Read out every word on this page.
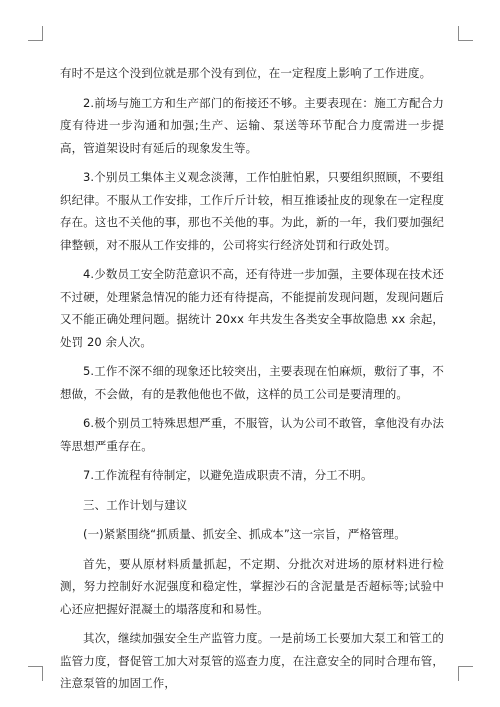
有时不是这个没到位就是那个没有到位，在一定程度上影响了工作进度。

2.前场与施工方和生产部门的衔接还不够。主要表现在：施工方配合力度有待进一步沟通和加强;生产、运输、泵送等环节配合力度需进一步提高，管道架设时有延后的现象发生等。

3.个别员工集体主义观念淡薄，工作怕脏怕累，只要组织照顾，不要组织纪律。不服从工作安排，工作斤斤计较，相互推诿扯皮的现象在一定程度存在。这也不关他的事，那也不关他的事。为此，新的一年，我们要加强纪律整顿，对不服从工作安排的，公司将实行经济处罚和行政处罚。

4.少数员工安全防范意识不高，还有待进一步加强，主要体现在技术还不过硬，处理紧急情况的能力还有待提高，不能提前发现问题，发现问题后又不能正确处理问题。据统计 20xx 年共发生各类安全事故隐患 xx 余起，处罚 20 余人次。

5.工作不深不细的现象还比较突出，主要表现在怕麻烦，敷衍了事，不想做，不会做，有的是教他他也不做，这样的员工公司是要清理的。

6.极个别员工特殊思想严重，不服管，认为公司不敢管，拿他没有办法等思想严重存在。

7.工作流程有待制定，以避免造成职责不清，分工不明。

三、工作计划与建议

(一)紧紧围绕“抓质量、抓安全、抓成本”这一宗旨，严格管理。

首先，要从原材料质量抓起，不定期、分批次对进场的原材料进行检测，努力控制好水泥强度和稳定性，掌握沙石的含泥量是否超标等;试验中心还应把握好混凝土的塌落度和和易性。

其次，继续加强安全生产监管力度。一是前场工长要加大泵工和管工的监管力度，督促管工加大对泵管的巡查力度，在注意安全的同时合理布管，注意泵管的加固工作，
